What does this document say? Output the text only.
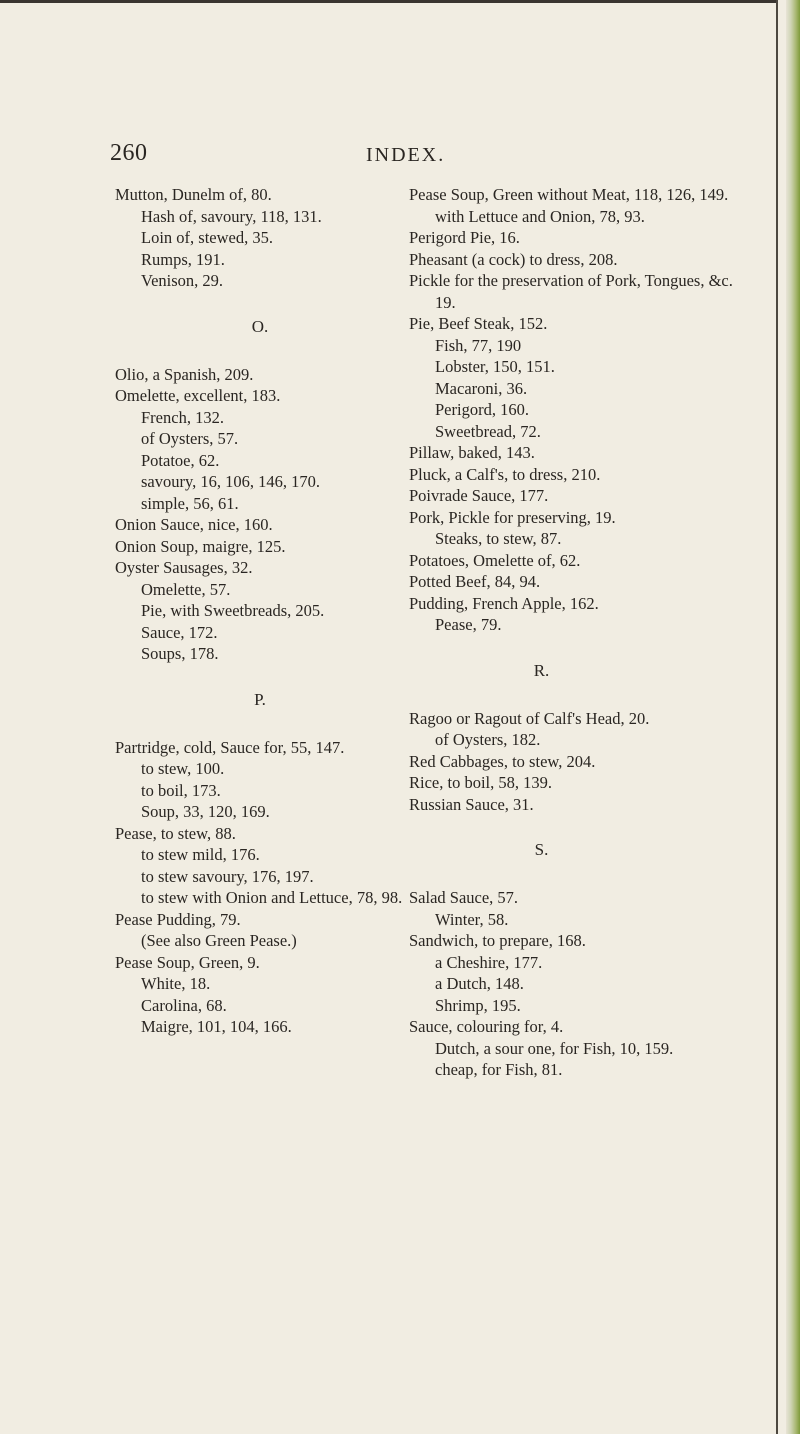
260	INDEX.
Mutton, Dunelm of, 80.
Hash of, savoury, 118, 131.
Loin of, stewed, 35.
Rumps, 191.
Venison, 29.
O.
Olio, a Spanish, 209.
Omelette, excellent, 183.
French, 132.
of Oysters, 57.
Potatoe, 62.
savoury, 16, 106, 146, 170.
simple, 56, 61.
Onion Sauce, nice, 160.
Onion Soup, maigre, 125.
Oyster Sausages, 32.
Omelette, 57.
Pie, with Sweetbreads, 205.
Sauce, 172.
Soups, 178.
P.
Partridge, cold, Sauce for, 55, 147.
to stew, 100.
to boil, 173.
Soup, 33, 120, 169.
Pease, to stew, 88.
to stew mild, 176.
to stew savoury, 176, 197.
to stew with Onion and Lettuce, 78, 98.
Pease Pudding, 79.
(See also Green Pease.)
Pease Soup, Green, 9.
White, 18.
Carolina, 68.
Maigre, 101, 104, 166.
Pease Soup, Green without Meat, 118, 126, 149.
with Lettuce and Onion, 78, 93.
Perigord Pie, 16.
Pheasant (a cock) to dress, 208.
Pickle for the preservation of Pork, Tongues, &c. 19.
Pie, Beef Steak, 152.
Fish, 77, 190
Lobster, 150, 151.
Macaroni, 36.
Perigord, 160.
Sweetbread, 72.
Pillaw, baked, 143.
Pluck, a Calf's, to dress, 210.
Poivrade Sauce, 177.
Pork, Pickle for preserving, 19.
Steaks, to stew, 87.
Potatoes, Omelette of, 62.
Potted Beef, 84, 94.
Pudding, French Apple, 162.
Pease, 79.
R.
Ragoo or Ragout of Calf's Head, 20.
of Oysters, 182.
Red Cabbages, to stew, 204.
Rice, to boil, 58, 139.
Russian Sauce, 31.
S.
Salad Sauce, 57.
Winter, 58.
Sandwich, to prepare, 168.
a Cheshire, 177.
a Dutch, 148.
Shrimp, 195.
Sauce, colouring for, 4.
Dutch, a sour one, for Fish, 10, 159.
cheap, for Fish, 81.
